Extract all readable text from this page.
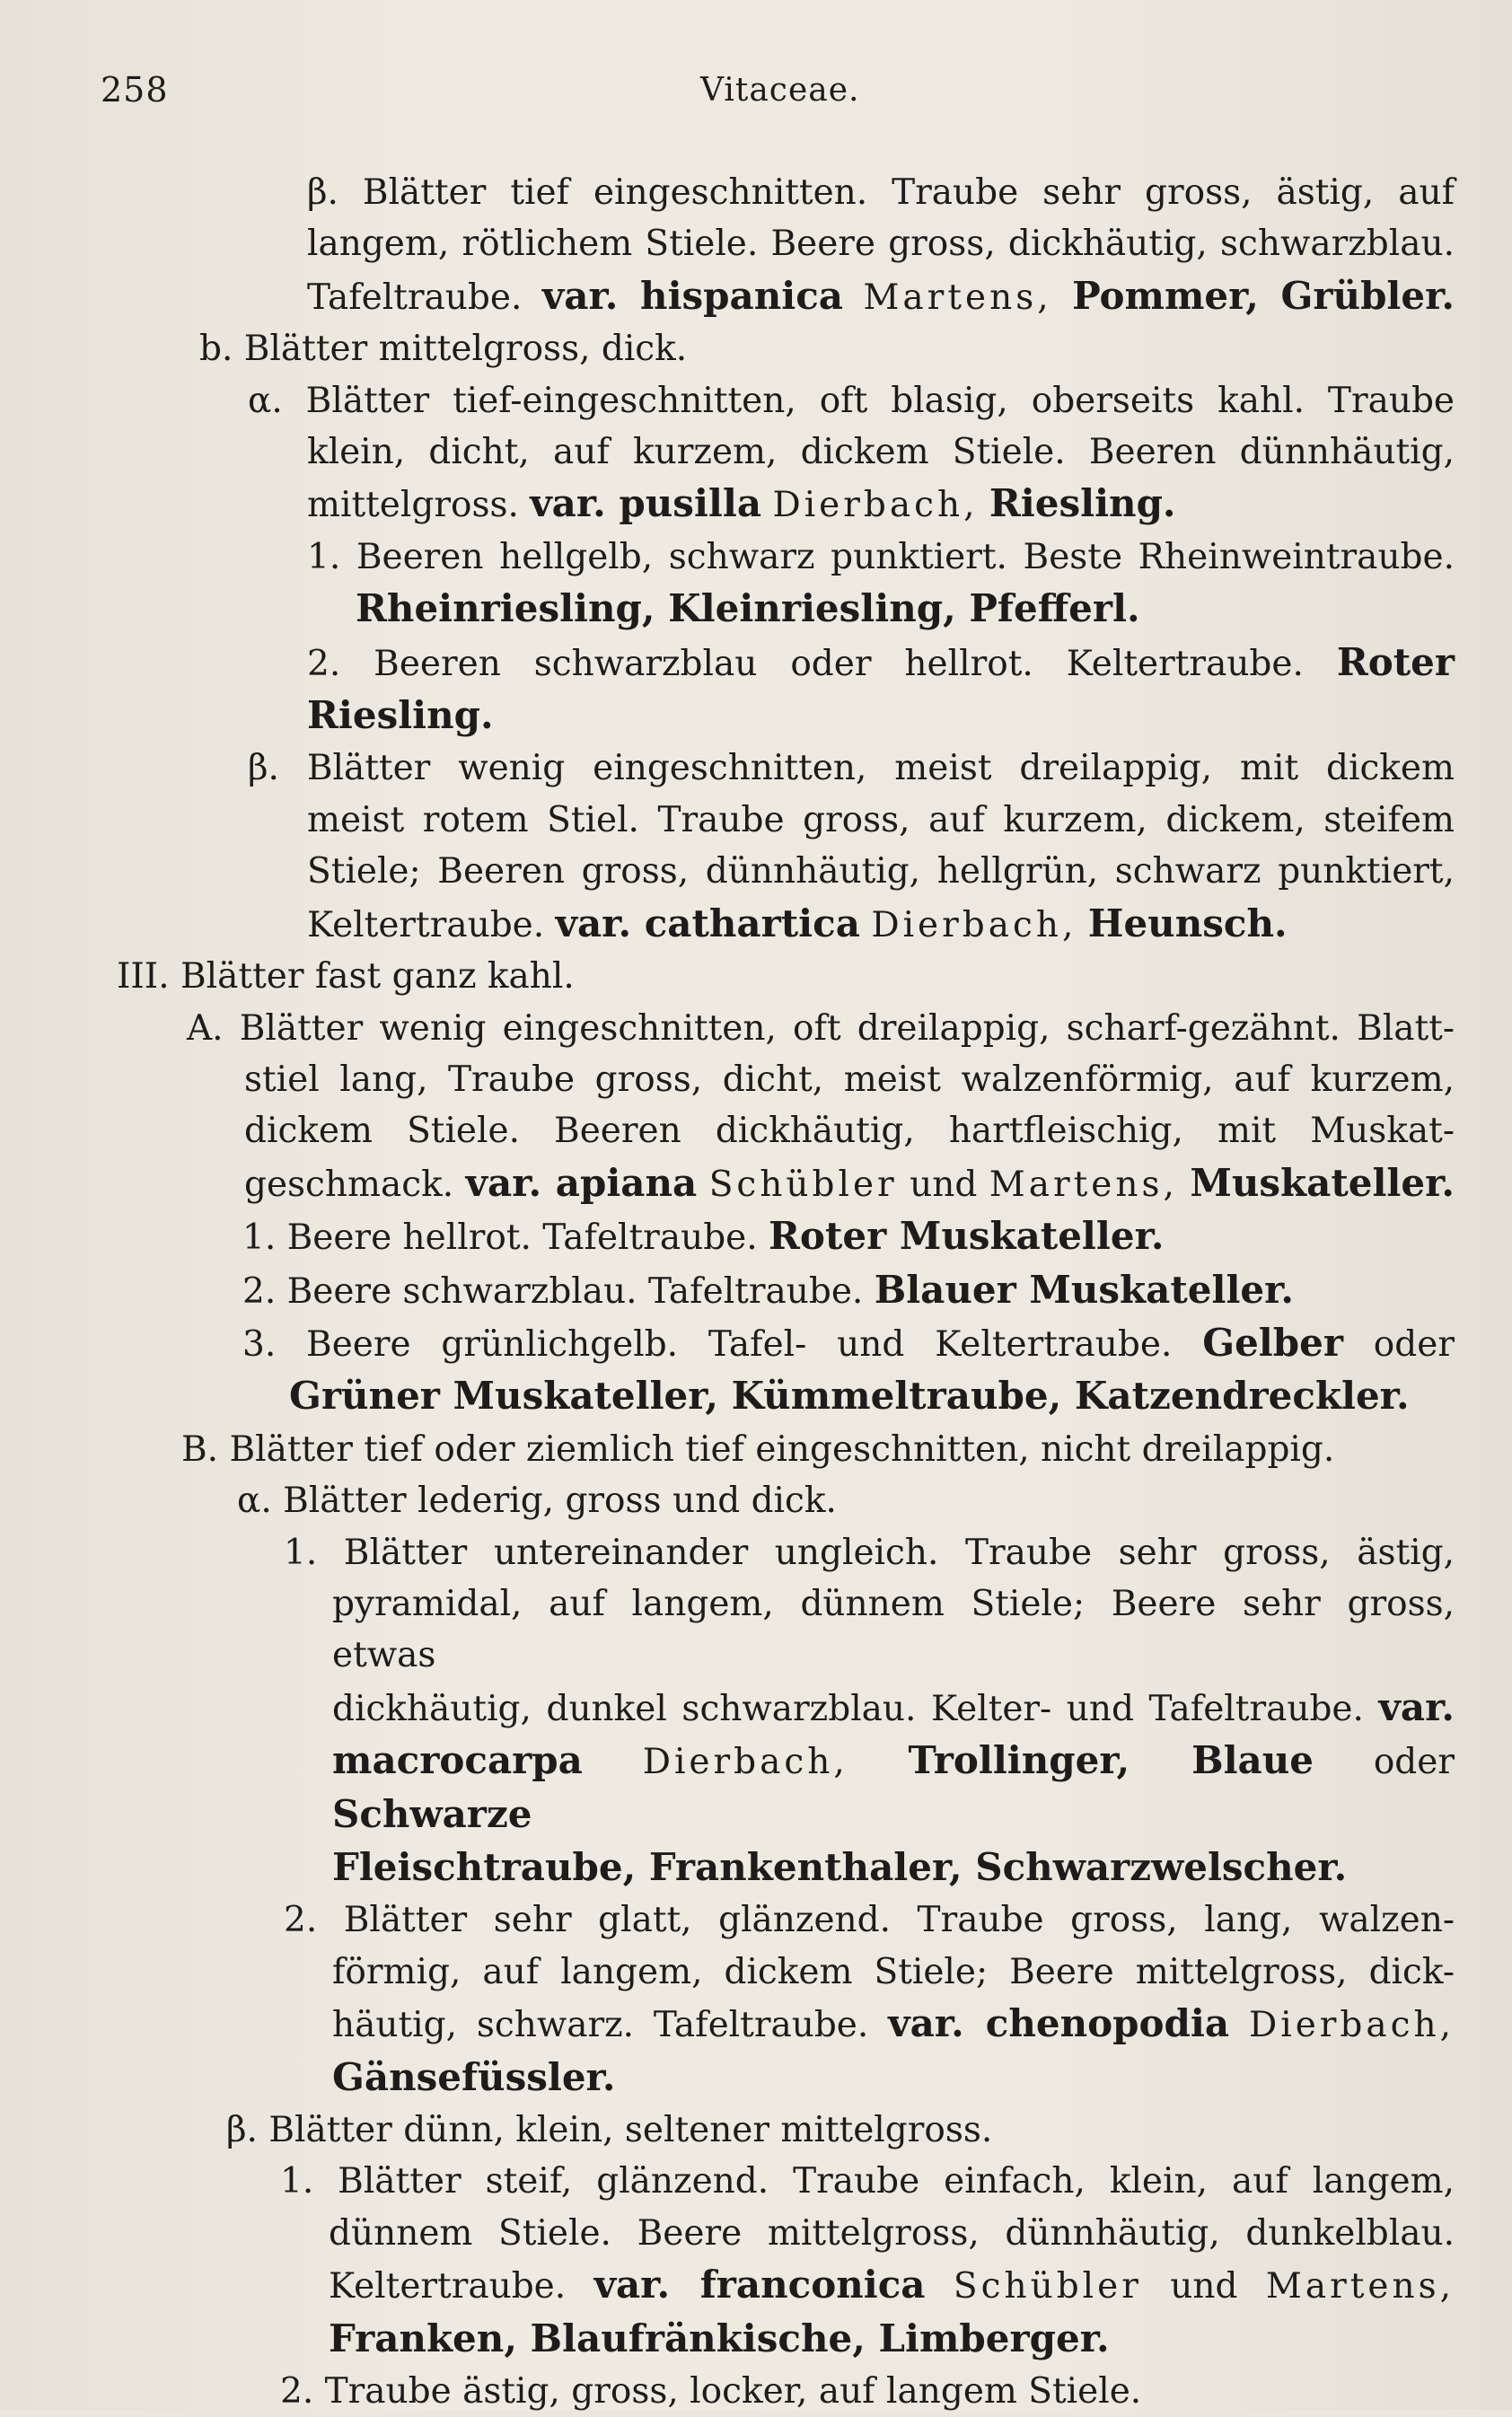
258	Vitaceae.
β. Blätter tief eingeschnitten. Traube sehr gross, ästig, auf
langem, rötlichem Stiele. Beere gross, dickhäutig, schwarzblau.
Tafeltraube. var. hispanica Martens, Pommer, Grübler.
b. Blätter mittelgross, dick.
α. Blätter tief-eingeschnitten, oft blasig, oberseits kahl. Traube
klein, dicht, auf kurzem, dickem Stiele. Beeren dünnhäutig,
mittelgross. var. pusilla Dierbach, Riesling.
1. Beeren hellgelb, schwarz punktiert. Beste Rheinweintraube.
Rheinriesling, Kleinriesling, Pfefferl.
2. Beeren schwarzblau oder hellrot. Keltertraube. Roter Riesling.
β. Blätter wenig eingeschnitten, meist dreilappig, mit dickem
meist rotem Stiel. Traube gross, auf kurzem, dickem, steifem
Stiele; Beeren gross, dünnhäutig, hellgrün, schwarz punktiert,
Keltertraube. var. cathartica Dierbach, Heunsch.
III. Blätter fast ganz kahl.
A. Blätter wenig eingeschnitten, oft dreilappig, scharf-gezähnt. Blatt-
stiel lang, Traube gross, dicht, meist walzenförmig, auf kurzem,
dickem Stiele. Beeren dickhäutig, hartfleischig, mit Muskat-
geschmack. var. apiana Schübler und Martens, Muskateller.
1. Beere hellrot. Tafeltraube. Roter Muskateller.
2. Beere schwarzblau. Tafeltraube. Blauer Muskateller.
3. Beere grünlichgelb. Tafel- und Keltertraube. Gelber oder
Grüner Muskateller, Kümmeltraube, Katzendreckler.
B. Blätter tief oder ziemlich tief eingeschnitten, nicht dreilappig.
α. Blätter lederig, gross und dick.
1. Blätter untereinander ungleich. Traube sehr gross, ästig,
pyramidal, auf langem, dünnem Stiele; Beere sehr gross, etwas
dickhäutig, dunkel schwarzblau. Kelter- und Tafeltraube. var.
macrocarpa Dierbach, Trollinger, Blaue oder Schwarze
Fleischtraube, Frankenthaler, Schwarzwelscher.
2. Blätter sehr glatt, glänzend. Traube gross, lang, walzen-
förmig, auf langem, dickem Stiele; Beere mittelgross, dick-
häutig, schwarz. Tafeltraube. var. chenopodia Dierbach,
Gänsefüssler.
β. Blätter dünn, klein, seltener mittelgross.
1. Blätter steif, glänzend. Traube einfach, klein, auf langem,
dünnem Stiele. Beere mittelgross, dünnhäutig, dunkelblau.
Keltertraube. var. franconica Schübler und Martens,
Franken, Blaufränkische, Limberger.
2. Traube ästig, gross, locker, auf langem Stiele.
